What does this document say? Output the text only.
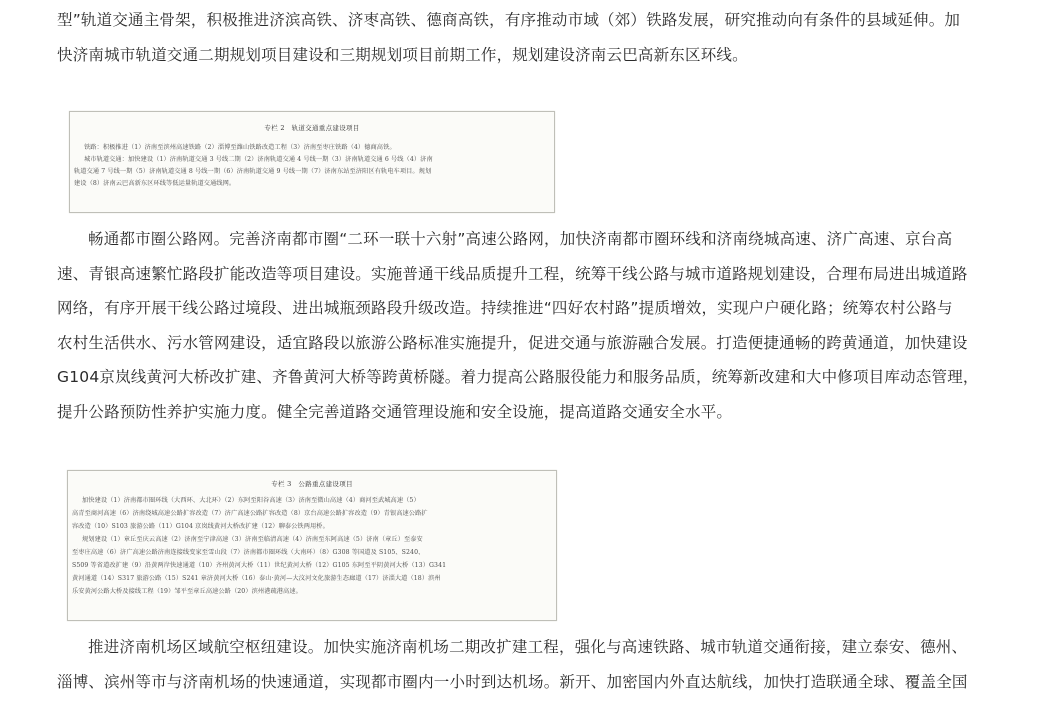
型”轨道交通主骨架，积极推进济滨高铁、济枣高铁、德商高铁，有序推动市域（郊）铁路发展，研究推动向有条件的县域延伸。加
快济南城市轨道交通二期规划项目建设和三期规划项目前期工作，规划建设济南云巴高新东区环线。
专栏 2　轨道交通重点建设项目
铁路：积极推进（1）济南至滨州高速铁路（2）淄博至潍山铁路改造工程（3）济南至枣庄铁路（4）德商高铁。
城市轨道交通：加快建设（1）济南轨道交通 3 号线二期（2）济南轨道交通 4 号线一期（3）济南轨道交通 6 号线（4）济南
轨道交通 7 号线一期（5）济南轨道交通 8 号线一期（6）济南轨道交通 9 号线一期（7）济南东站至济阳区有轨电车项目。规划
建设（8）济南云巴高新东区环线等低运量轨道交通线网。
畅通都市圈公路网。完善济南都市圈“二环一联十六射”高速公路网，加快济南都市圈环线和济南绕城高速、济广高速、京台高
速、青银高速繁忙路段扩能改造等项目建设。实施普通干线品质提升工程，统筹干线公路与城市道路规划建设，合理布局进出城道路
网络，有序开展干线公路过境段、进出城瓶颈路段升级改造。持续推进“四好农村路”提质增效，实现户户硬化路；统筹农村公路与
农村生活供水、污水管网建设，适宜路段以旅游公路标准实施提升，促进交通与旅游融合发展。打造便捷通畅的跨黄通道，加快建设
G104京岚线黄河大桥改扩建、齐鲁黄河大桥等跨黄桥隧。着力提高公路服役能力和服务品质，统筹新改建和大中修项目库动态管理，
提升公路预防性养护实施力度。健全完善道路交通管理设施和安全设施，提高道路交通安全水平。
专栏 3　公路重点建设项目
加快建设（1）济南都市圈环线（大西环、大北环）（2）东阿至阳谷高速（3）济南至微山高速（4）商河至武城高速（5）
高青至商河高速（6）济南绕城高速公路扩容改造（7）济广高速公路扩容改造（8）京台高速公路扩容改造（9）青银高速公路扩
容改造（10）S103 旅游公路（11）G104 京岚线黄河大桥改扩建（12）聊泰公铁两用桥。
规划建设（1）章丘至庆云高速（2）济南至宁津高速（3）济南至临清高速（4）济南至东阿高速（5）济南（章丘）至泰安
至枣庄高速（6）济广高速公路济南连接线变家至雪山段（7）济南都市圈环线（大南环）（8）G308 等国道及 S105、S240、
S509 等省道改扩建（9）沿黄两岸快速通道（10）齐州黄河大桥（11）世纪黄河大桥（12）G105 东阿至平阴黄河大桥（13）G341
黄河通道（14）S317 旅游公路（15）S241 章济黄河大桥（16）泰山·黄河—大汶河文化旅游生态廊道（17）济淄大道（18）滨州
乐安黄河公路大桥及接线工程（19）邹平至章丘高速公路（20）滨州港疏港高速。
推进济南机场区域航空枢纽建设。加快实施济南机场二期改扩建工程，强化与高速铁路、城市轨道交通衔接，建立泰安、德州、
淄博、滨州等市与济南机场的快速通道，实现都市圈内一小时到达机场。新开、加密国内外直达航线，加快打造联通全球、覆盖全国
